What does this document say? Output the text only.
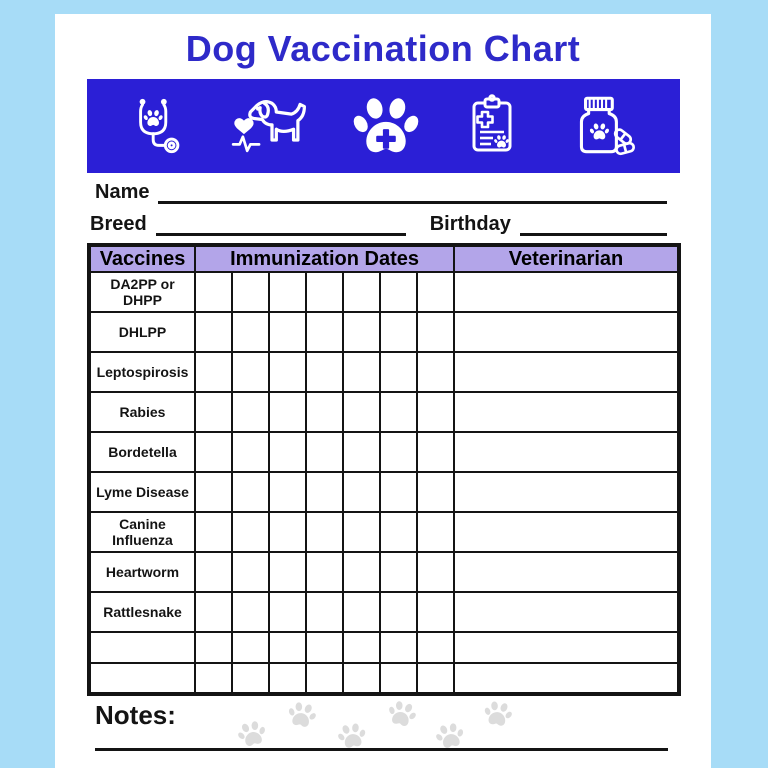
Dog Vaccination Chart
Name
Breed	Birthday
Vaccines	Immunization Dates							Veterinarian
DA2PP or DHPP								
DHLPP								
Leptospirosis								
Rabies								
Bordetella								
Lyme Disease								
Canine Influenza								
Heartworm								
Rattlesnake								

Notes:
